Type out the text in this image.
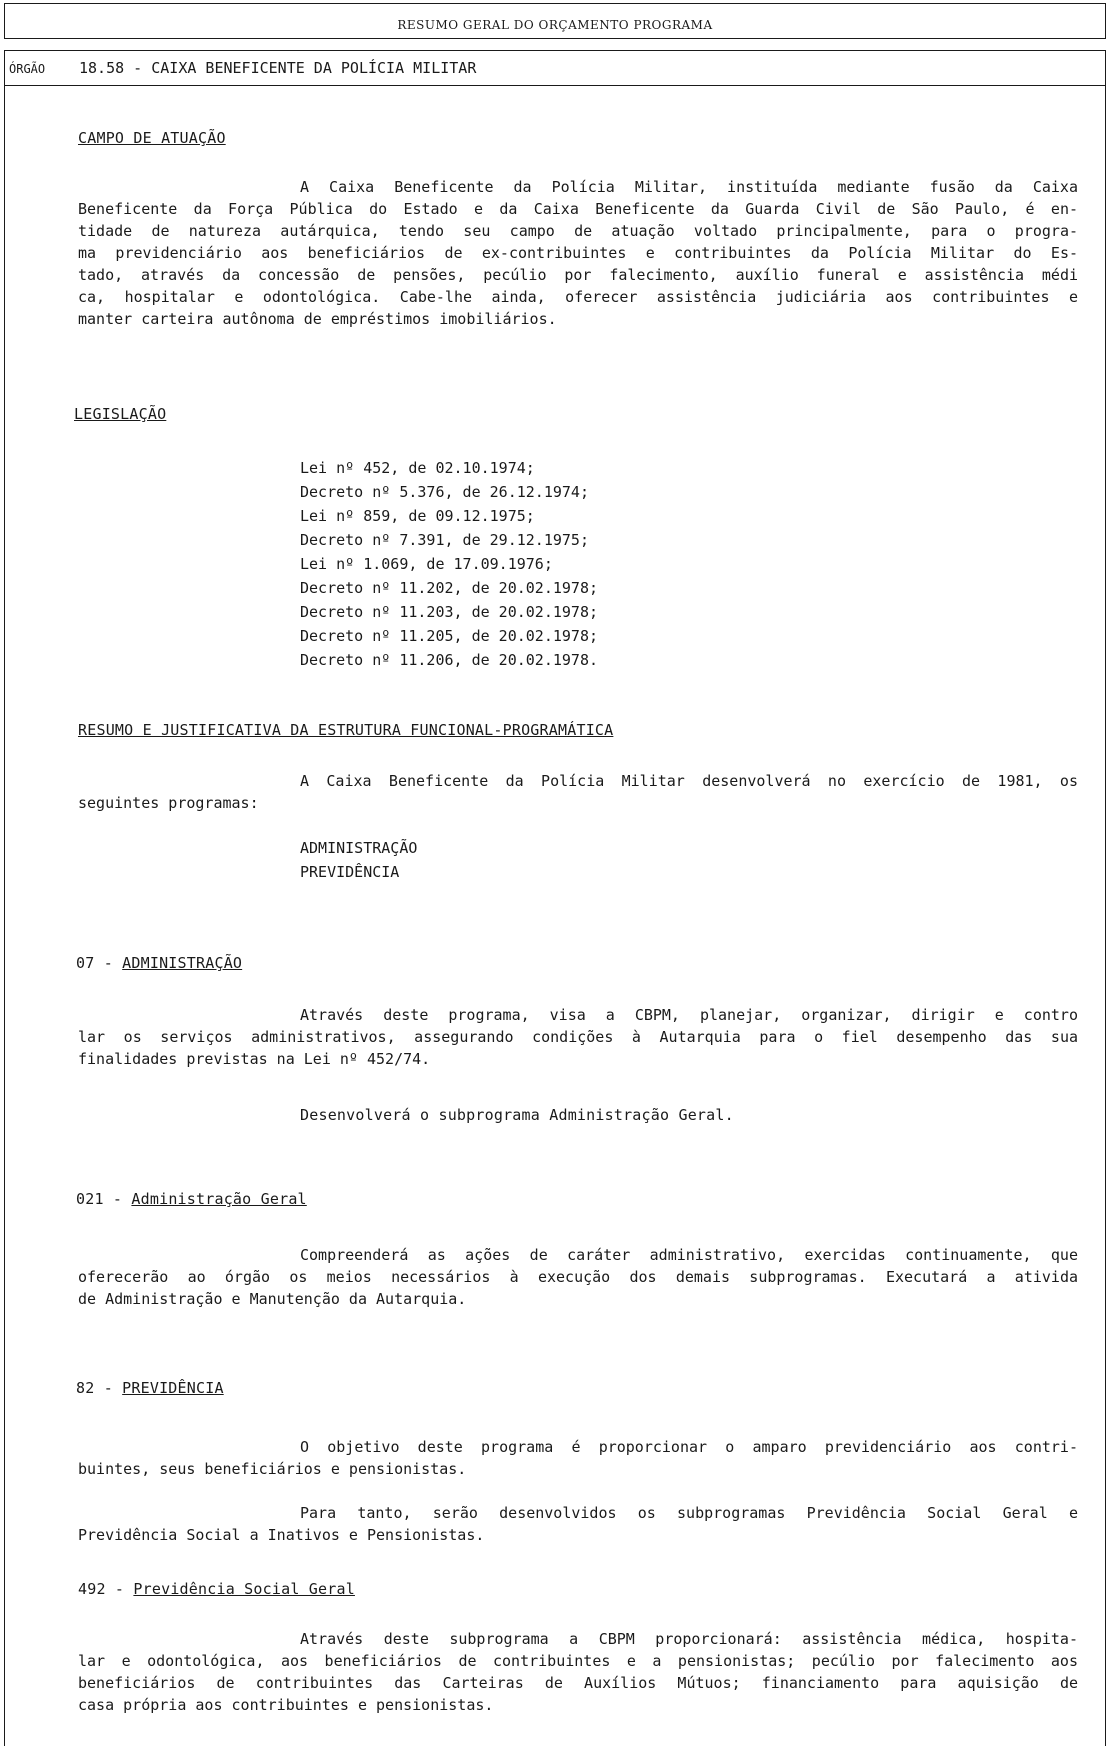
RESUMO GERAL DO ORÇAMENTO PROGRAMA
ÓRGÃO 18.58 - CAIXA BENEFICENTE DA POLÍCIA MILITAR
CAMPO DE ATUAÇÃO
A Caixa Beneficente da Polícia Militar, instituída mediante fusão da Caixa
Beneficente da Força Pública do Estado e da Caixa Beneficente da Guarda Civil de São Paulo, é en-
tidade de natureza autárquica, tendo seu campo de atuação voltado principalmente, para o progra-
ma previdenciário aos beneficiários de ex-contribuintes e contribuintes da Polícia Militar do Es-
tado, através da concessão de pensões, pecúlio por falecimento, auxílio funeral e assistência médi
ca, hospitalar e odontológica. Cabe-lhe ainda, oferecer assistência judiciária aos contribuintes e
manter carteira autônoma de empréstimos imobiliários.
LEGISLAÇÃO
Lei nº 452, de 02.10.1974;
Decreto nº 5.376, de 26.12.1974;
Lei nº 859, de 09.12.1975;
Decreto nº 7.391, de 29.12.1975;
Lei nº 1.069, de 17.09.1976;
Decreto nº 11.202, de 20.02.1978;
Decreto nº 11.203, de 20.02.1978;
Decreto nº 11.205, de 20.02.1978;
Decreto nº 11.206, de 20.02.1978.
RESUMO E JUSTIFICATIVA DA ESTRUTURA FUNCIONAL-PROGRAMÁTICA
A Caixa Beneficente da Polícia Militar desenvolverá no exercício de 1981, os
seguintes programas:
ADMINISTRAÇÃO
PREVIDÊNCIA
07 - ADMINISTRAÇÃO
Através deste programa, visa a CBPM, planejar, organizar, dirigir e contro
lar os serviços administrativos, assegurando condições à Autarquia para o fiel desempenho das sua
finalidades previstas na Lei nº 452/74.
Desenvolverá o subprograma Administração Geral.
021 - Administração Geral
Compreenderá as ações de caráter administrativo, exercidas continuamente, que
oferecerão ao órgão os meios necessários à execução dos demais subprogramas. Executará a ativida
de Administração e Manutenção da Autarquia.
82 - PREVIDÊNCIA
O objetivo deste programa é proporcionar o amparo previdenciário aos contri-
buintes, seus beneficiários e pensionistas.
Para tanto, serão desenvolvidos os subprogramas Previdência Social Geral e
Previdência Social a Inativos e Pensionistas.
492 - Previdência Social Geral
Através deste subprograma a CBPM proporcionará: assistência médica, hospita-
lar e odontológica, aos beneficiários de contribuintes e a pensionistas; pecúlio por falecimento aos
beneficiários de contribuintes das Carteiras de Auxílios Mútuos; financiamento para aquisição de
casa própria aos contribuintes e pensionistas.
